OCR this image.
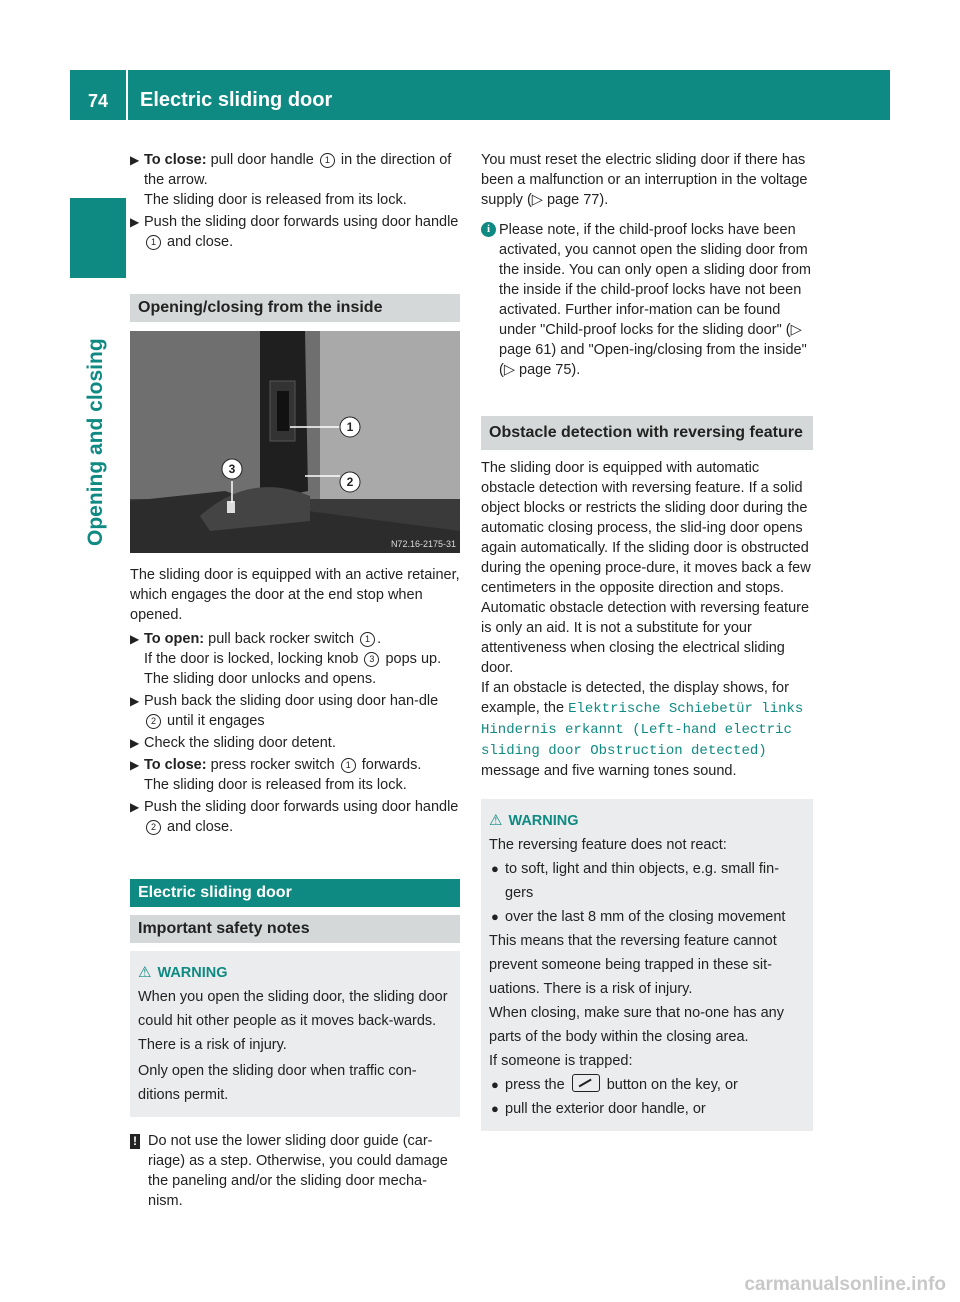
74	Electric sliding door
Opening and closing
▶ To close: pull door handle 1 in the direction of the arrow.
The sliding door is released from its lock.
▶ Push the sliding door forwards using door handle 1 and close.
Opening/closing from the inside
1
2
3
N72.16-2175-31

The sliding door is equipped with an active retainer, which engages the door at the end stop when opened.

▶ To open: pull back rocker switch 1 .
If the door is locked, locking knob 3 pops up. The sliding door unlocks and opens.
▶ Push back the sliding door using door han-dle 2 until it engages
▶ Check the sliding door detent.
▶ To close: press rocker switch 1 forwards.
The sliding door is released from its lock.
▶ Push the sliding door forwards using door handle 2 and close.
Electric sliding door
Important safety notes
⚠ WARNING

When you open the sliding door, the sliding door could hit other people as it moves back-wards. There is a risk of injury.

Only open the sliding door when traffic con-ditions permit.

! Do not use the lower sliding door guide (car-riage) as a step. Otherwise, you could damage the paneling and/or the sliding door mecha-nism.

You must reset the electric sliding door if there has been a malfunction or an interruption in the voltage supply (▷ page 77).

i Please note, if the child-proof locks have been activated, you cannot open the sliding door from the inside. You can only open a sliding door from the inside if the child-proof locks have not been activated. Further infor-mation can be found under "Child-proof locks for the sliding door" (▷ page 61) and "Open-ing/closing from the inside" (▷ page 75).
Obstacle detection with reversing feature

The sliding door is equipped with automatic obstacle detection with reversing feature. If a solid object blocks or restricts the sliding door during the automatic closing process, the slid-ing door opens again automatically. If the sliding door is obstructed during the opening proce-dure, it moves back a few centimeters in the opposite direction and stops.

Automatic obstacle detection with reversing feature is only an aid. It is not a substitute for your attentiveness when closing the electrical sliding door.

If an obstacle is detected, the display shows, for example, the Elektrische Schiebetür links Hindernis erkannt (Left-hand electric sliding door Obstruction detected) message and five warning tones sound.

⚠ WARNING

The reversing feature does not react:

● to soft, light and thin objects, e.g. small fin-gers
● over the last 8 mm of the closing movement

This means that the reversing feature cannot prevent someone being trapped in these sit-uations. There is a risk of injury.

When closing, make sure that no-one has any parts of the body within the closing area.

If someone is trapped:

● press the	button on the key, or
● pull the exterior door handle, or
carmanualsonline.info
